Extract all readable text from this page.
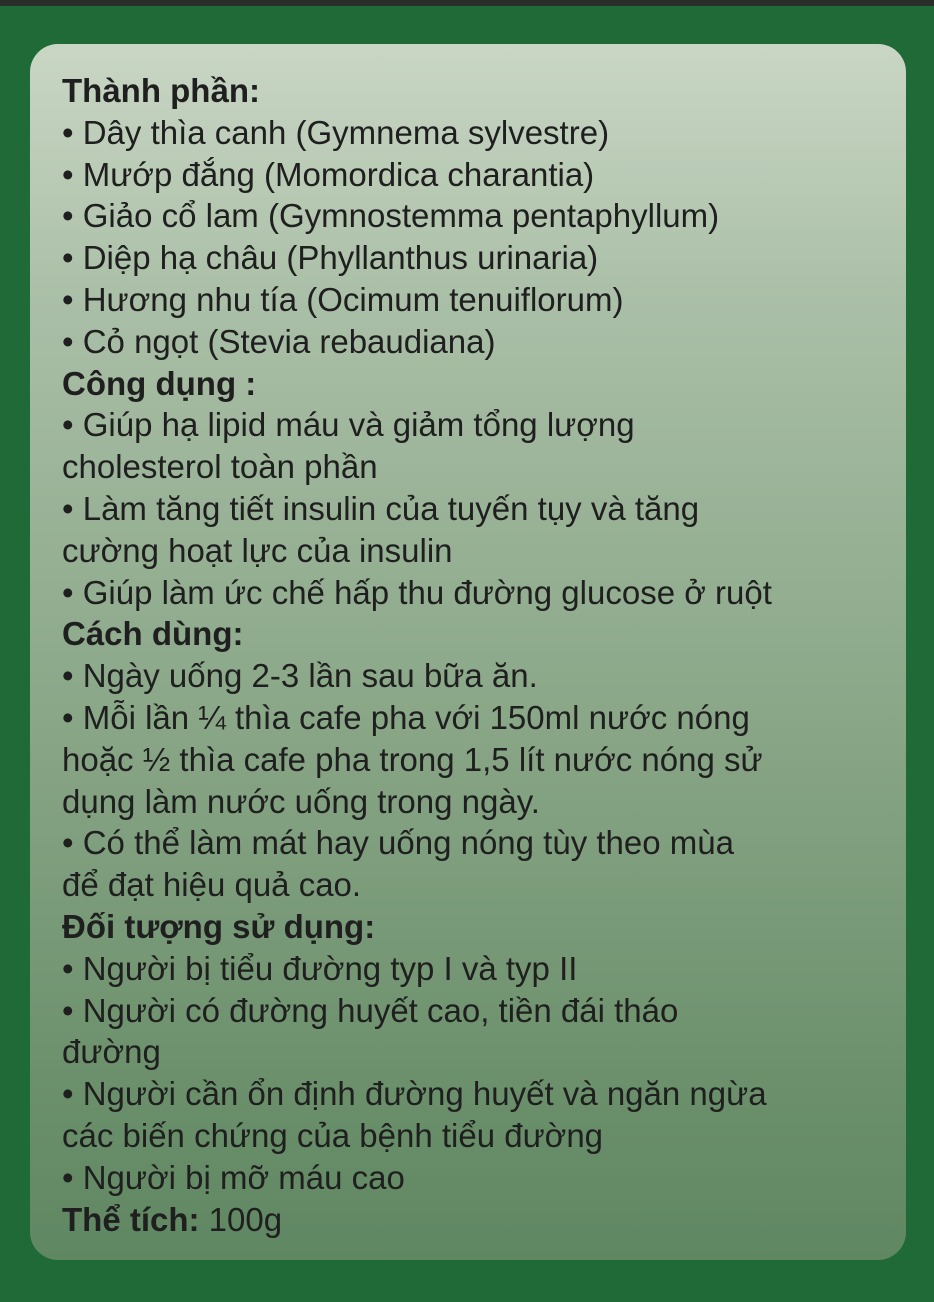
Thành phần:
• Dây thìa canh (Gymnema sylvestre)
• Mướp đắng (Momordica charantia)
• Giảo cổ lam (Gymnostemma pentaphyllum)
• Diệp hạ châu (Phyllanthus urinaria)
• Hương nhu tía (Ocimum tenuiflorum)
• Cỏ ngọt (Stevia rebaudiana)
Công dụng :
• Giúp hạ lipid máu và giảm tổng lượng
cholesterol toàn phần
• Làm tăng tiết insulin của tuyến tụy và tăng
cường hoạt lực của insulin
• Giúp làm ức chế hấp thu đường glucose ở ruột
Cách dùng:
• Ngày uống 2-3 lần sau bữa ăn.
• Mỗi lần ¼ thìa cafe pha với 150ml nước nóng
hoặc ½ thìa cafe pha trong 1,5 lít nước nóng sử
dụng làm nước uống trong ngày.
• Có thể làm mát hay uống nóng tùy theo mùa
để đạt hiệu quả cao.
Đối tượng sử dụng:
• Người bị tiểu đường typ I và typ II
• Người có đường huyết cao, tiền đái tháo
đường
• Người cần ổn định đường huyết và ngăn ngừa
các biến chứng của bệnh tiểu đường
• Người bị mỡ máu cao
Thể tích: 100g
